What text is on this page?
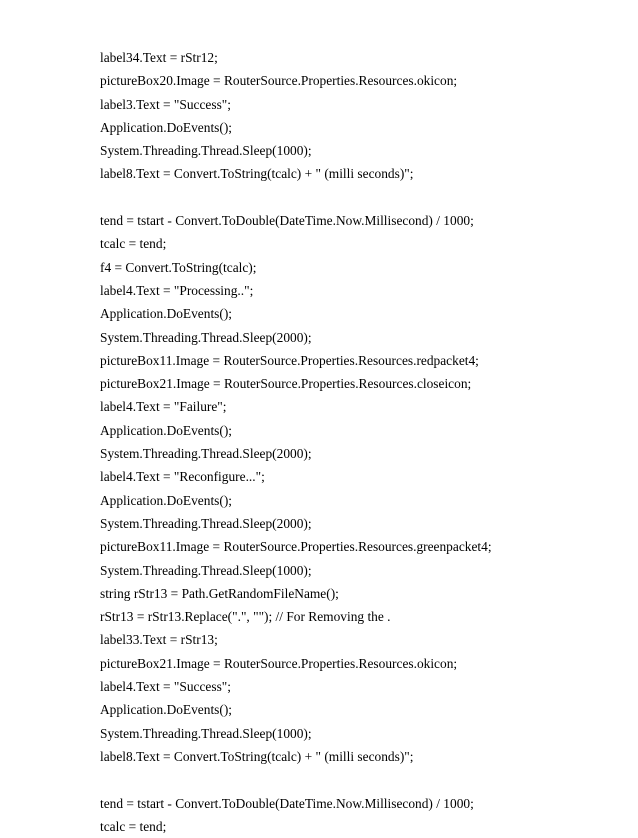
label34.Text = rStr12;
pictureBox20.Image = RouterSource.Properties.Resources.okicon;
label3.Text = "Success";
Application.DoEvents();
System.Threading.Thread.Sleep(1000);
label8.Text = Convert.ToString(tcalc) + " (milli seconds)";
tend = tstart - Convert.ToDouble(DateTime.Now.Millisecond) / 1000;
tcalc = tend;
f4 = Convert.ToString(tcalc);
label4.Text = "Processing..";
Application.DoEvents();
System.Threading.Thread.Sleep(2000);
pictureBox11.Image = RouterSource.Properties.Resources.redpacket4;
pictureBox21.Image = RouterSource.Properties.Resources.closeicon;
label4.Text = "Failure";
Application.DoEvents();
System.Threading.Thread.Sleep(2000);
label4.Text = "Reconfigure...";
Application.DoEvents();
System.Threading.Thread.Sleep(2000);
pictureBox11.Image = RouterSource.Properties.Resources.greenpacket4;
System.Threading.Thread.Sleep(1000);
string rStr13 = Path.GetRandomFileName();
rStr13 = rStr13.Replace(".", ""); // For Removing the .
label33.Text = rStr13;
pictureBox21.Image = RouterSource.Properties.Resources.okicon;
label4.Text = "Success";
Application.DoEvents();
System.Threading.Thread.Sleep(1000);
label8.Text = Convert.ToString(tcalc) + " (milli seconds)";
tend = tstart - Convert.ToDouble(DateTime.Now.Millisecond) / 1000;
tcalc = tend;
